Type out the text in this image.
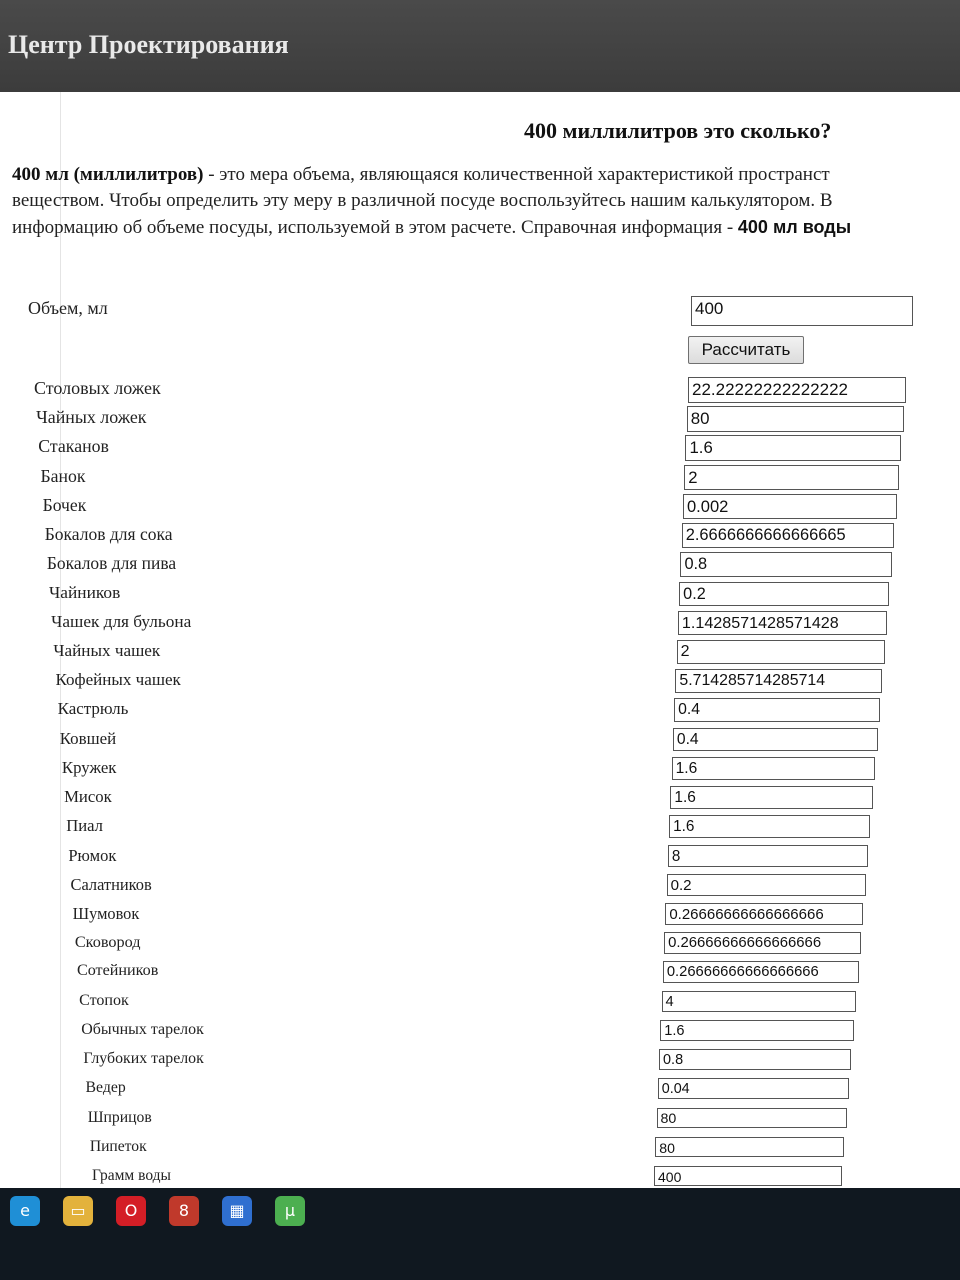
Центр Проектирования
400 миллилитров это сколько?
400 мл (миллилитров) - это мера объема, являющаяся количественной характеристикой пространст
веществом. Чтобы определить эту меру в различной посуде воспользуйтесь нашим калькулятором. В
информацию об объеме посуды, используемой в этом расчете. Справочная информация - 400 мл воды
Объем, мл	400
Рассчитать
Столовых ложек	22.22222222222222
Чайных ложек	80
Стаканов	1.6
Банок	2
Бочек	0.002
Бокалов для сока	2.6666666666666665
Бокалов для пива	0.8
Чайников	0.2
Чашек для бульона	1.1428571428571428
Чайных чашек	2
Кофейных чашек	5.714285714285714
Кастрюль	0.4
Ковшей	0.4
Кружек	1.6
Мисок	1.6
Пиал	1.6
Рюмок	8
Салатников	0.2
Шумовок	0.26666666666666666
Сковород	0.26666666666666666
Сотейников	0.26666666666666666
Стопок	4
Обычных тарелок	1.6
Глубоких тарелок	0.8
Ведер	0.04
Шприцов	80
Пипеток	80
Грамм воды	400
e	▭	O	8	▦	µ
